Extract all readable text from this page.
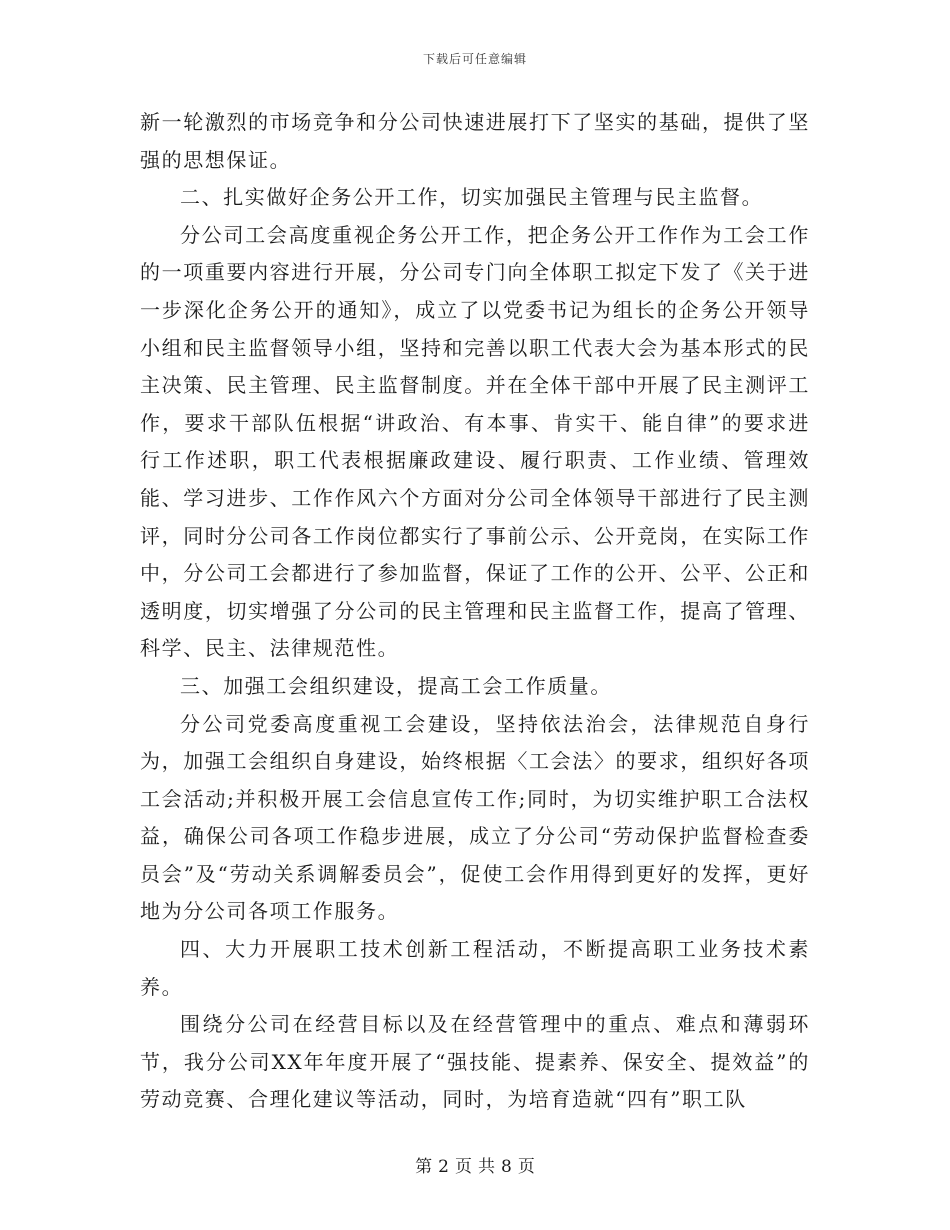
下载后可任意编辑

新一轮激烈的市场竞争和分公司快速进展打下了坚实的基础，提供了坚强的思想保证。

二、扎实做好企务公开工作，切实加强民主管理与民主监督。

分公司工会高度重视企务公开工作，把企务公开工作作为工会工作的一项重要内容进行开展，分公司专门向全体职工拟定下发了《关于进一步深化企务公开的通知》，成立了以党委书记为组长的企务公开领导小组和民主监督领导小组，坚持和完善以职工代表大会为基本形式的民主决策、民主管理、民主监督制度。并在全体干部中开展了民主测评工作，要求干部队伍根据“讲政治、有本事、肯实干、能自律”的要求进行工作述职，职工代表根据廉政建设、履行职责、工作业绩、管理效能、学习进步、工作作风六个方面对分公司全体领导干部进行了民主测评，同时分公司各工作岗位都实行了事前公示、公开竞岗，在实际工作中，分公司工会都进行了参加监督，保证了工作的公开、公平、公正和透明度，切实增强了分公司的民主管理和民主监督工作，提高了管理、科学、民主、法律规范性。

三、加强工会组织建设，提高工会工作质量。

分公司党委高度重视工会建设，坚持依法治会，法律规范自身行为，加强工会组织自身建设，始终根据〈工会法〉的要求，组织好各项工会活动;并积极开展工会信息宣传工作;同时，为切实维护职工合法权益，确保公司各项工作稳步进展，成立了分公司“劳动保护监督检查委员会”及“劳动关系调解委员会”，促使工会作用得到更好的发挥，更好地为分公司各项工作服务。

四、大力开展职工技术创新工程活动，不断提高职工业务技术素养。

围绕分公司在经营目标以及在经营管理中的重点、难点和薄弱环节，我分公司XX年年度开展了“强技能、提素养、保安全、提效益”的劳动竞赛、合理化建议等活动，同时，为培育造就“四有”职工队

第 2 页 共 8 页
